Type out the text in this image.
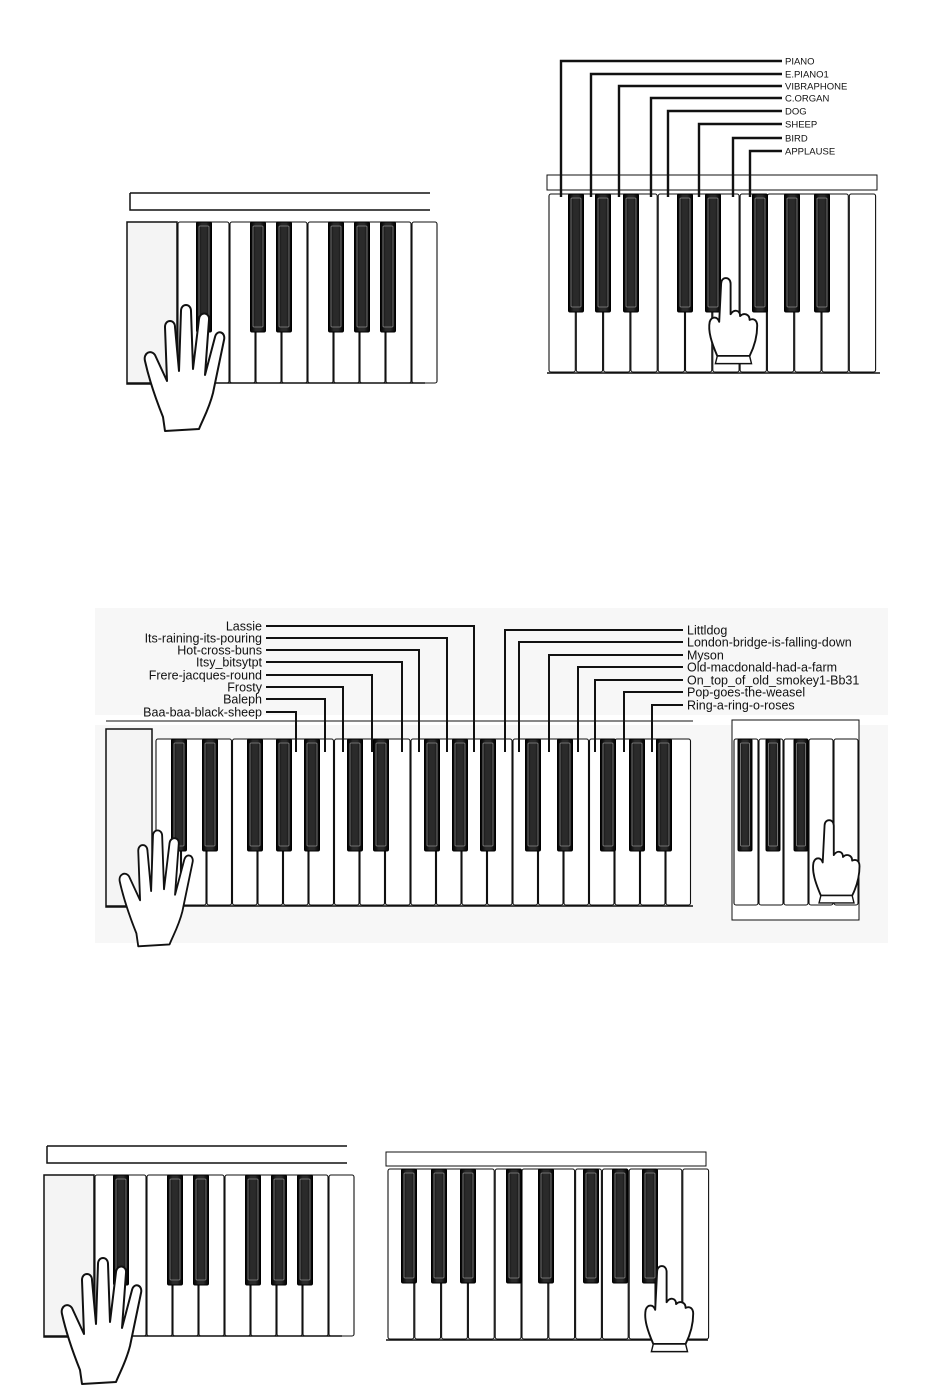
PIANO
E.PIANO1
VIBRAPHONE
C.ORGAN
DOG
SHEEP
BIRD
APPLAUSE
Lassie
Its-raining-its-pouring
Hot-cross-buns
Itsy_bitsytpt
Frere-jacques-round
Frosty
Baleph
Baa-baa-black-sheep
Littldog
London-bridge-is-falling-down
Myson
Old-macdonald-had-a-farm
On_top_of_old_smokey1-Bb31
Pop-goes-the-weasel
Ring-a-ring-o-roses
